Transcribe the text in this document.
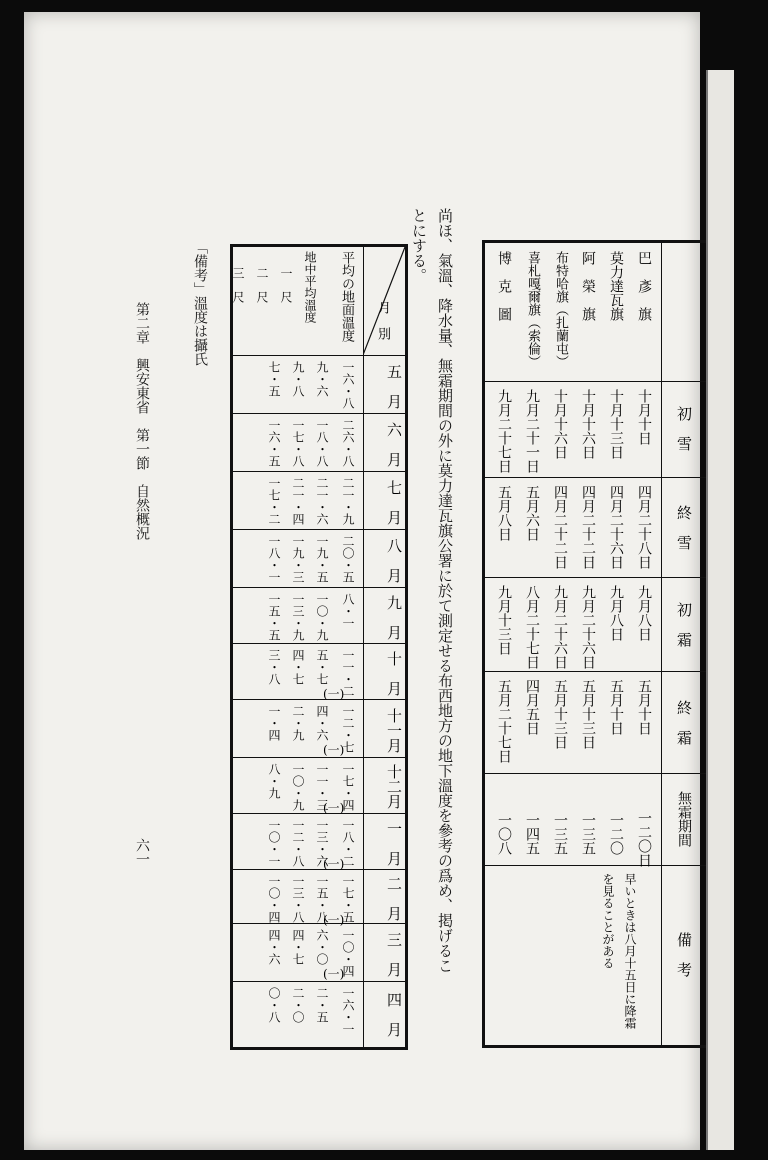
初　雪
終　雪
初　霜
終　霜
無霜期間
備　考
巴　彥　旗
莫力達瓦旗
阿　榮　旗
布特哈旗（扎蘭屯）
喜札嘎爾旗（索倫）
博　克　圖
十月十日
十月十三日
十月十六日
十月十六日
九月二十一日
九月二十七日
四月二十八日
四月二十六日
四月二十二日
四月二十二日
五月六日
五月八日
九月八日
九月八日
九月二十六日
九月二十六日
八月二十七日
九月十三日
五月十日
五月十日
五月十三日
五月十三日
四月五日
五月二十七日
一二〇日
一二〇
一三五
一三五
一四五
一〇八
早いときは八月十五日に降霜を見ることがある
尚ほ、氣溫、降水量、無霜期間の外に莫力達瓦旗公署に於て測定せる布西地方の地下溫度を參考の爲め、掲げるこ
とにする。
月　別
平均の地面溫度
地中平均溫度
一　尺
二　尺
三　尺
五　月
六　月
七　月
八　月
九　月
十　月
十一月
十二月
一　月
二　月
三　月
四　月
一六・八
九・六
九・八
七・五
二六・八
一八・八
一七・八
一六・五
二一・九
二一・六
二一・四
一七・二
二〇・五
一九・五
一九・三
一八・一
八・一
一〇・九
一三・九
一五・五
一一・二
(一)
五・七
四・七
三・八
一二・七
(一)
四・六
二・九
一・四
一七・四
(一)
一一・三
一〇・九
八・九
一八・二
(一)
一三・六
一二・八
一〇・一
一七・五
(一)
一五・八
一三・八
一〇・四
一〇・四
(一)
六・〇
四・七
四・六
一六・一
二・五
二・〇
〇・八
「備考」溫度は攝氏
第二章　興安東省　第一節　自然概況
六一
